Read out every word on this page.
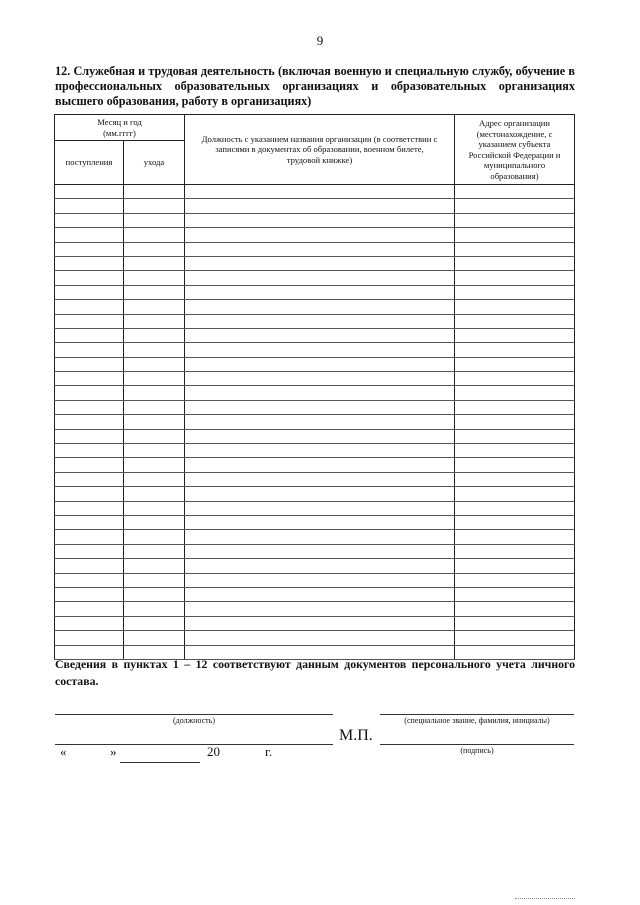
9
12. Служебная и трудовая деятельность (включая военную и специальную службу, обучение в профессиональных образовательных организациях и образовательных организациях высшего образования, работу в организациях)
Месяц и год
(мм.гггг)		Должность с указанием названия организации (в соответствии с записями в документах об образовании, военном билете, трудовой книжке)	Адрес организации (местонахождение, с указанием субъекта Российской Федерации и муниципального образования)
поступления	ухода		

Сведения в пунктах 1 – 12 соответствуют данным документов персонального учета личного состава.
(должность)	(специальное звание, фамилия, инициалы)
М.П.
(подпись)
«	»	20	г.
